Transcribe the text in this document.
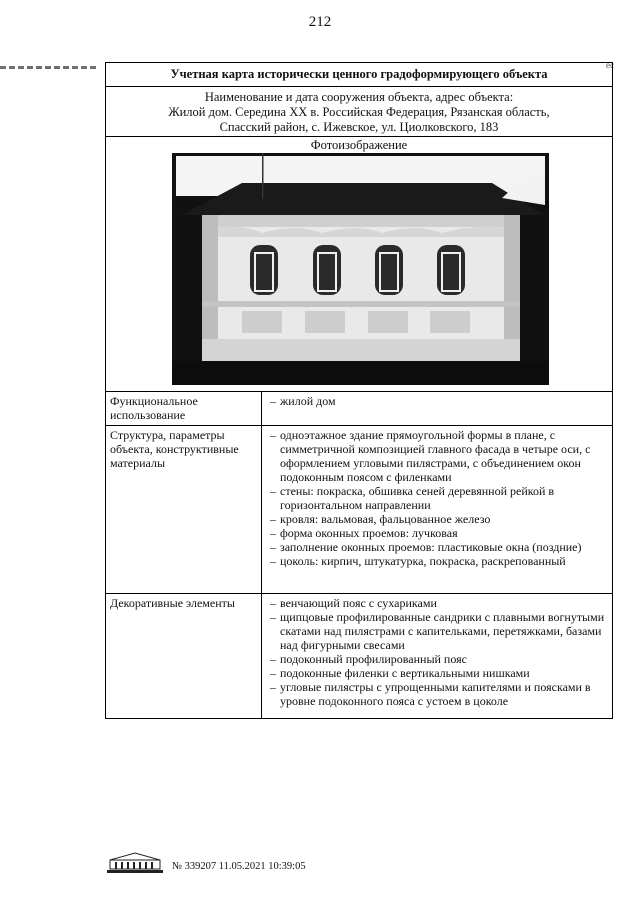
212
ec
Учетная карта исторически ценного градоформирующего объекта
Наименование и дата сооружения объекта, адрес объекта:
Жилой дом. Середина XX в. Российская Федерация, Рязанская область,
Спасский район, с. Ижевское, ул. Циолковского, 183
Фотоизображение
Функциональное использование
– жилой дом
Структура, параметры объекта, конструктивные материалы
– одноэтажное здание прямоугольной формы в плане, с симметричной композицией главного фасада в четыре оси, с оформлением угловыми пилястрами, с объединением окон подоконным поясом с филенками
– стены: покраска, обшивка сеней деревянной рейкой в горизонтальном направлении
– кровля: вальмовая, фальцованное железо
– форма оконных проемов: лучковая
– заполнение оконных проемов: пластиковые окна (поздние)
– цоколь: кирпич, штукатурка, покраска, раскрепованный
Декоративные элементы	– венчающий пояс с сухариками
– щипцовые профилированные сандрики с плавными вогнутыми скатами над пилястрами с капительками, перетяжками, базами над фигурными свесами
– подоконный профилированный пояс
– подоконные филенки с вертикальными нишками
– угловые пилястры с упрощенными капителями и поясками в уровне подоконного пояса с устоем в цоколе
№ 339207 11.05.2021 10:39:05
